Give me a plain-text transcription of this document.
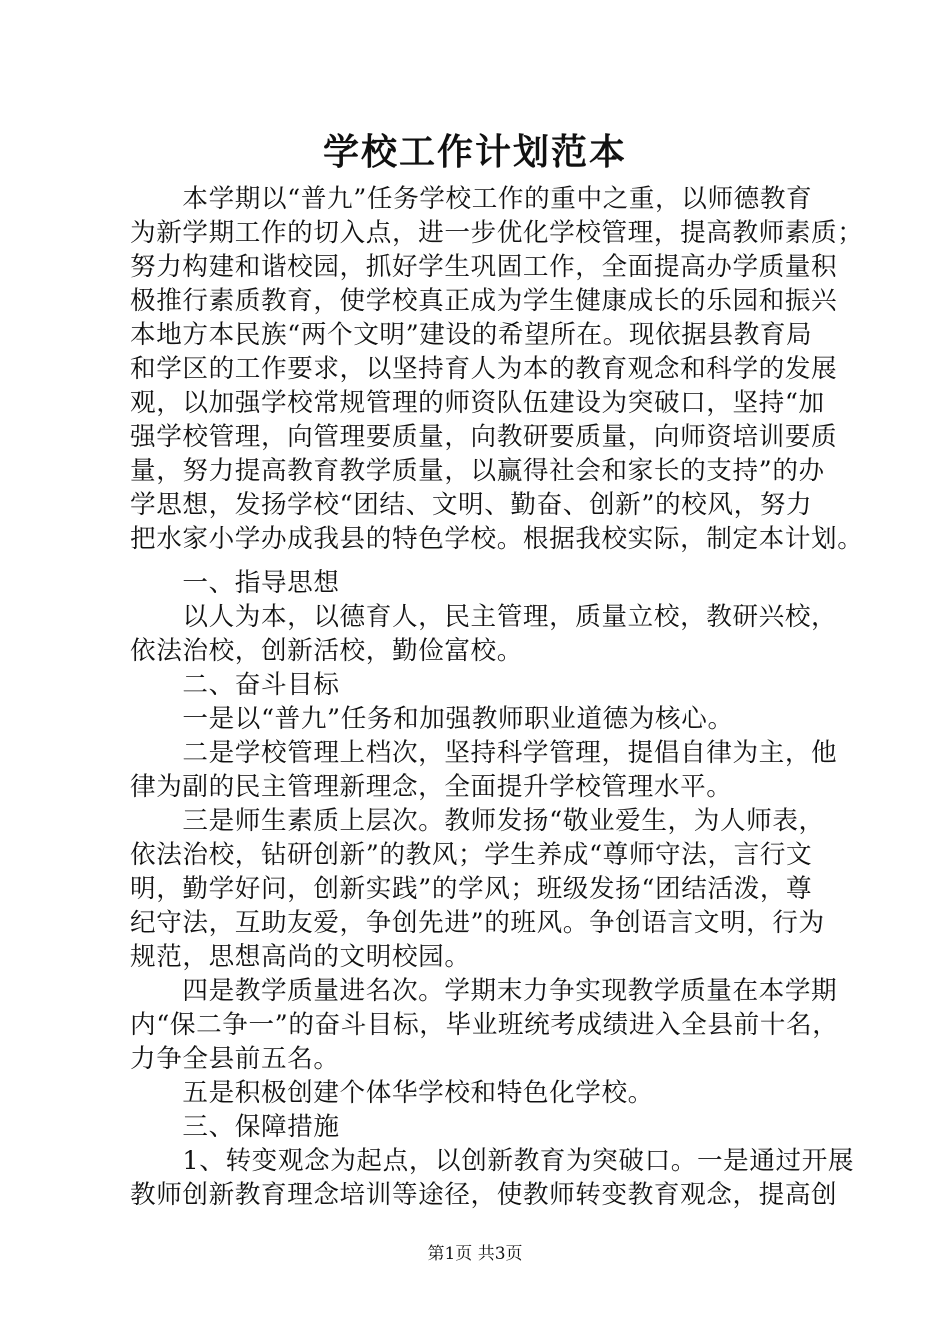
学校工作计划范本
　　本学期以“普九”任务学校工作的重中之重，以师德教育
为新学期工作的切入点，进一步优化学校管理，提高教师素质；
努力构建和谐校园，抓好学生巩固工作，全面提高办学质量积
极推行素质教育，使学校真正成为学生健康成长的乐园和振兴
本地方本民族“两个文明”建设的希望所在。现依据县教育局
和学区的工作要求，以坚持育人为本的教育观念和科学的发展
观，以加强学校常规管理的师资队伍建设为突破口，坚持“加
强学校管理，向管理要质量，向教研要质量，向师资培训要质
量，努力提高教育教学质量，以赢得社会和家长的支持”的办
学思想，发扬学校“团结、文明、勤奋、创新”的校风，努力
把水家小学办成我县的特色学校。根据我校实际，制定本计划。
　　一、指导思想
　　以人为本，以德育人，民主管理，质量立校，教研兴校，
依法治校，创新活校，勤俭富校。
　　二、奋斗目标
　　一是以“普九”任务和加强教师职业道德为核心。
　　二是学校管理上档次，坚持科学管理，提倡自律为主，他
律为副的民主管理新理念，全面提升学校管理水平。
　　三是师生素质上层次。教师发扬“敬业爱生，为人师表，
依法治校，钻研创新”的教风；学生养成“尊师守法，言行文
明，勤学好问，创新实践”的学风；班级发扬“团结活泼，尊
纪守法，互助友爱，争创先进”的班风。争创语言文明，行为
规范，思想高尚的文明校园。
　　四是教学质量进名次。学期末力争实现教学质量在本学期
内“保二争一”的奋斗目标，毕业班统考成绩进入全县前十名，
力争全县前五名。
　　五是积极创建个体华学校和特色化学校。
　　三、保障措施
　　1、转变观念为起点，以创新教育为突破口。一是通过开展
第1页 共3页
教师创新教育理念培训等途径，使教师转变教育观念，提高创
